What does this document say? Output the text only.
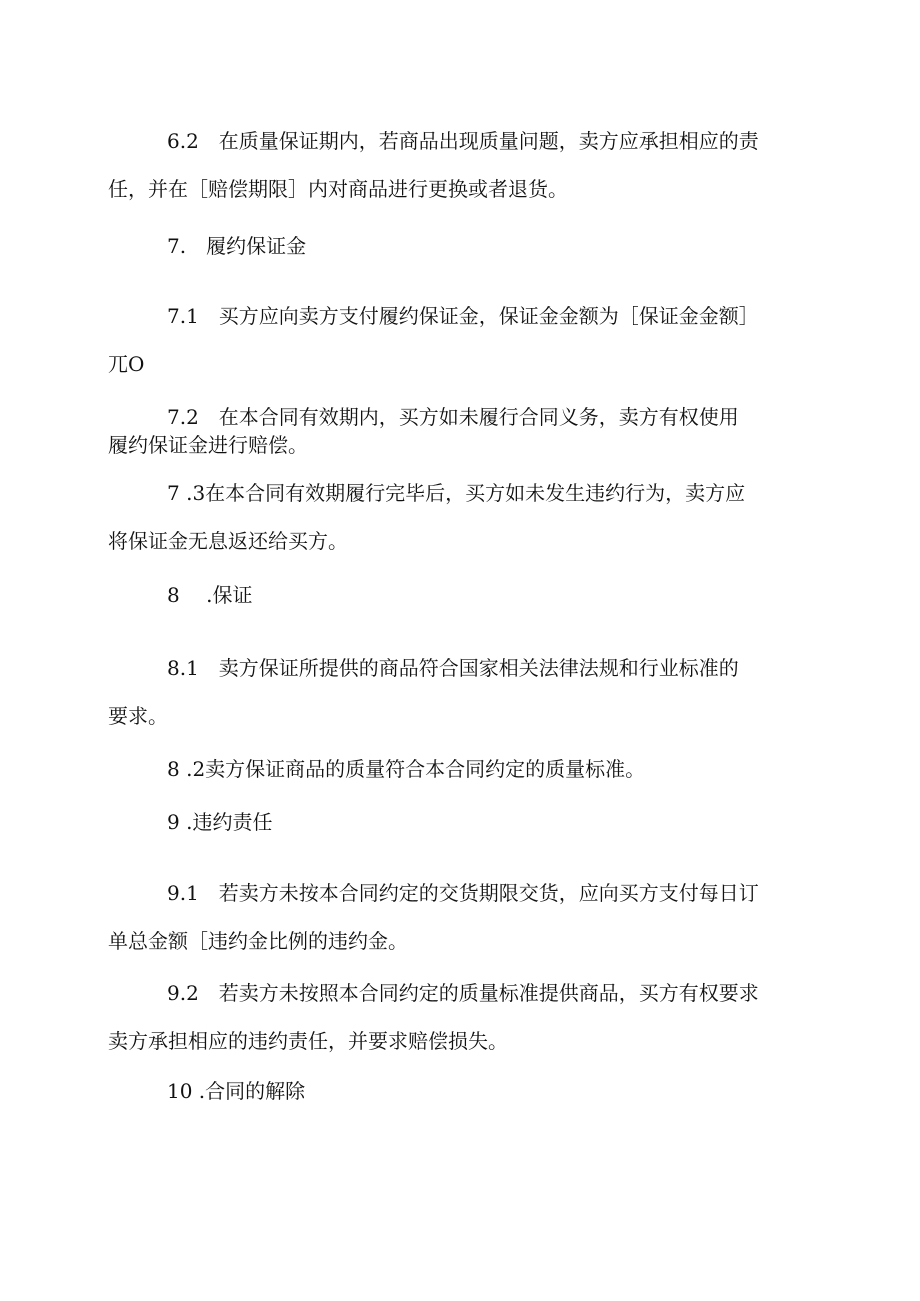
6.2　在质量保证期内，若商品出现质量问题，卖方应承担相应的责
任，并在［赔偿期限］内对商品进行更换或者退货。
7.　履约保证金
7.1　买方应向卖方支付履约保证金，保证金金额为［保证金金额］
兀O
7.2　在本合同有效期内，买方如未履行合同义务，卖方有权使用
履约保证金进行赔偿。
7 .3在本合同有效期履行完毕后，买方如未发生违约行为，卖方应
将保证金无息返还给买方。
8　 .保证
8.1　卖方保证所提供的商品符合国家相关法律法规和行业标准的
要求。
8 .2卖方保证商品的质量符合本合同约定的质量标准。
9 .违约责任
9.1　若卖方未按本合同约定的交货期限交货，应向买方支付每日订
单总金额［违约金比例的违约金。
9.2　若卖方未按照本合同约定的质量标准提供商品，买方有权要求
卖方承担相应的违约责任，并要求赔偿损失。
10 .合同的解除
